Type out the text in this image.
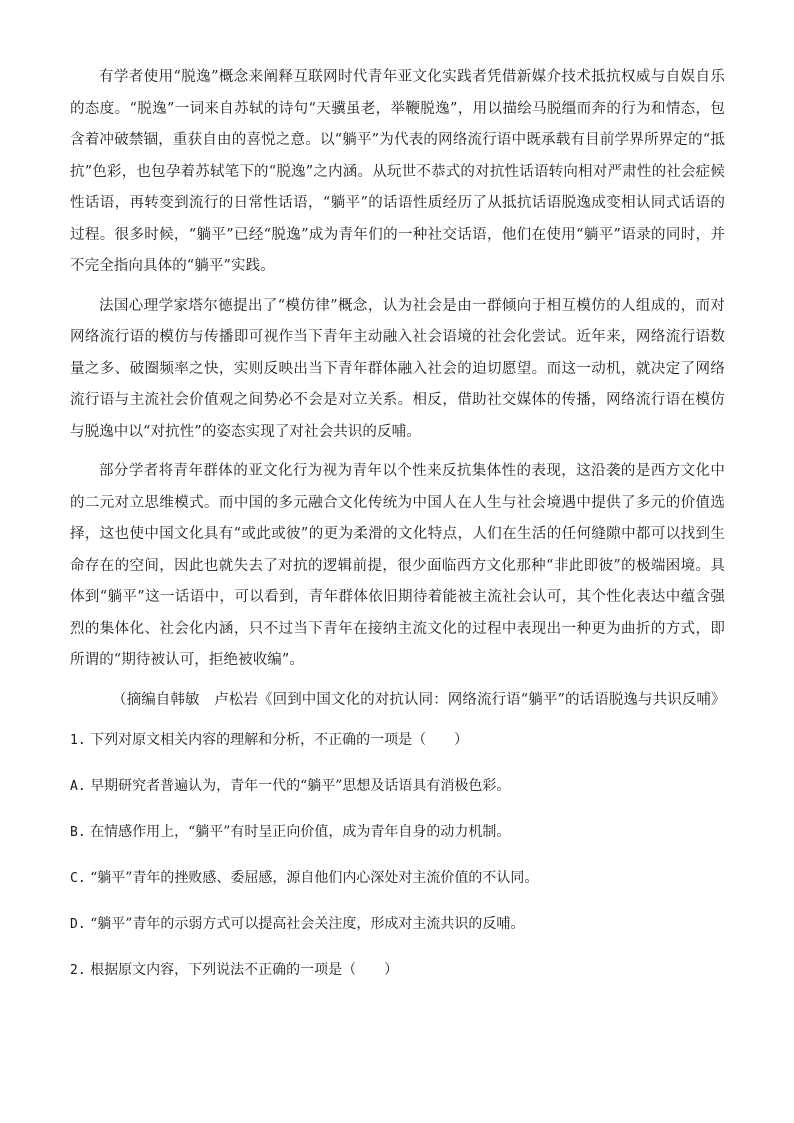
有学者使用“脱逸”概念来阐释互联网时代青年亚文化实践者凭借新媒介技术抵抗权威与自娱自乐的态度。“脱逸”一词来自苏轼的诗句“天骥虽老，举鞭脱逸”，用以描绘马脱缰而奔的行为和情态，包含着冲破禁锢，重获自由的喜悦之意。以“躺平”为代表的网络流行语中既承载有目前学界所界定的“抵抗”色彩，也包孕着苏轼笔下的“脱逸”之内涵。从玩世不恭式的对抗性话语转向相对严肃性的社会症候性话语，再转变到流行的日常性话语，“躺平”的话语性质经历了从抵抗话语脱逸成变相认同式话语的过程。很多时候，“躺平”已经“脱逸”成为青年们的一种社交话语，他们在使用“躺平”语录的同时，并不完全指向具体的“躺平”实践。

法国心理学家塔尔德提出了“模仿律”概念，认为社会是由一群倾向于相互模仿的人组成的，而对网络流行语的模仿与传播即可视作当下青年主动融入社会语境的社会化尝试。近年来，网络流行语数量之多、破圈频率之快，实则反映出当下青年群体融入社会的迫切愿望。而这一动机，就决定了网络流行语与主流社会价值观之间势必不会是对立关系。相反，借助社交媒体的传播，网络流行语在模仿与脱逸中以“对抗性”的姿态实现了对社会共识的反哺。

部分学者将青年群体的亚文化行为视为青年以个性来反抗集体性的表现，这沿袭的是西方文化中的二元对立思维模式。而中国的多元融合文化传统为中国人在人生与社会境遇中提供了多元的价值选择，这也使中国文化具有“或此或彼”的更为柔滑的文化特点，人们在生活的任何缝隙中都可以找到生命存在的空间，因此也就失去了对抗的逻辑前提，很少面临西方文化那种“非此即彼”的极端困境。具体到“躺平”这一话语中，可以看到，青年群体依旧期待着能被主流社会认可，其个性化表达中蕴含强烈的集体化、社会化内涵，只不过当下青年在接纳主流文化的过程中表现出一种更为曲折的方式，即所谓的“期待被认可，拒绝被收编”。

（摘编自韩敏　卢松岩《回到中国文化的对抗认同：网络流行语“躺平”的话语脱逸与共识反哺》
1. 下列对原文相关内容的理解和分析，不正确的一项是（　　）
A. 早期研究者普遍认为，青年一代的“躺平”思想及话语具有消极色彩。
B. 在情感作用上，“躺平”有时呈正向价值，成为青年自身的动力机制。
C. “躺平”青年的挫败感、委屈感，源自他们内心深处对主流价值的不认同。
D. “躺平”青年的示弱方式可以提高社会关注度，形成对主流共识的反哺。
2. 根据原文内容，下列说法不正确的一项是（　　）
